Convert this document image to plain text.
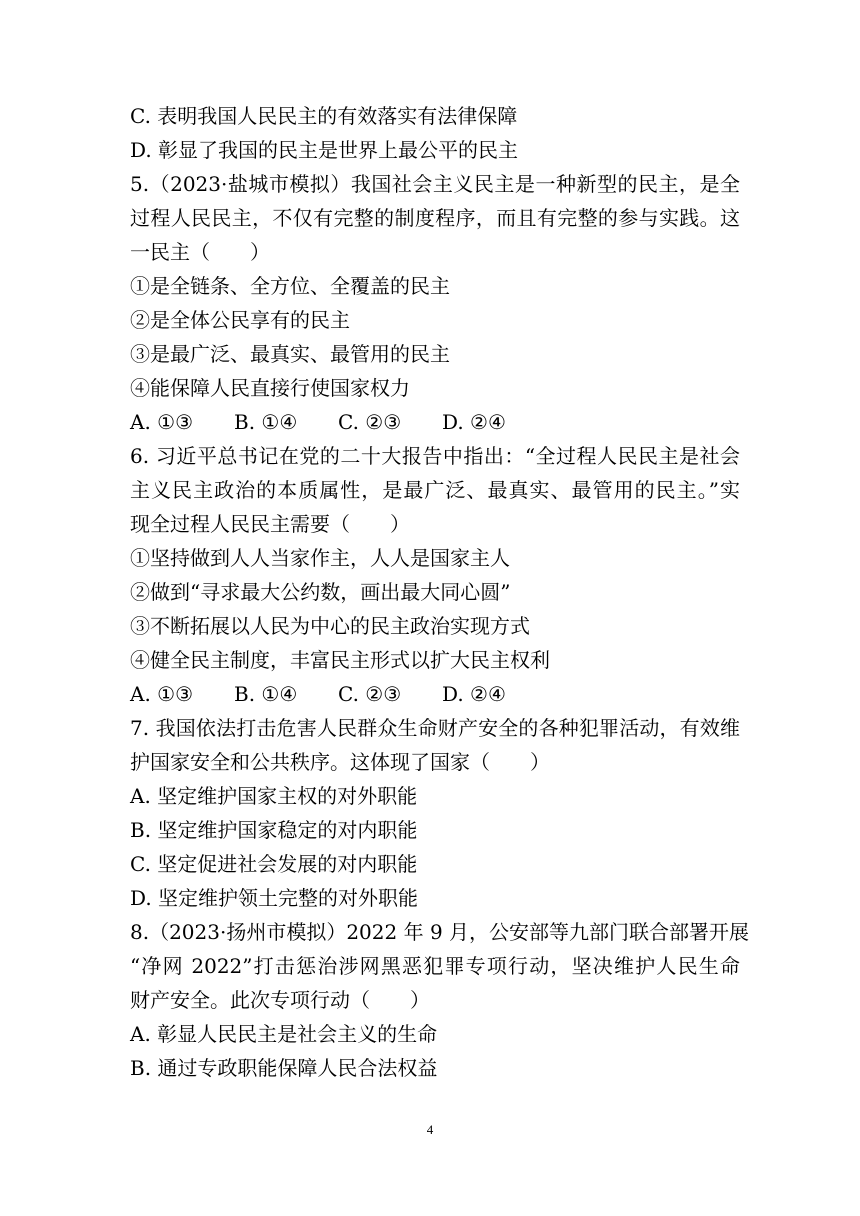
C. 表明我国人民民主的有效落实有法律保障
D. 彰显了我国的民主是世界上最公平的民主
5.（2023·盐城市模拟）我国社会主义民主是一种新型的民主，是全
过程人民民主，不仅有完整的制度程序，而且有完整的参与实践。这
一民主（　　）
①是全链条、全方位、全覆盖的民主
②是全体公民享有的民主
③是最广泛、最真实、最管用的民主
④能保障人民直接行使国家权力
A. ①③ B. ①④ C. ②③ D. ②④
6. 习近平总书记在党的二十大报告中指出：“全过程人民民主是社会
主义民主政治的本质属性，是最广泛、最真实、最管用的民主。”实
现全过程人民民主需要（　　）
①坚持做到人人当家作主，人人是国家主人
②做到“寻求最大公约数，画出最大同心圆”
③不断拓展以人民为中心的民主政治实现方式
④健全民主制度，丰富民主形式以扩大民主权利
A. ①③ B. ①④ C. ②③ D. ②④
7. 我国依法打击危害人民群众生命财产安全的各种犯罪活动，有效维
护国家安全和公共秩序。这体现了国家（　　）
A. 坚定维护国家主权的对外职能
B. 坚定维护国家稳定的对内职能
C. 坚定促进社会发展的对内职能
D. 坚定维护领土完整的对外职能
8.（2023·扬州市模拟）2022 年 9 月，公安部等九部门联合部署开展
“净网 2022”打击惩治涉网黑恶犯罪专项行动，坚决维护人民生命
财产安全。此次专项行动（　　）
A. 彰显人民民主是社会主义的生命
B. 通过专政职能保障人民合法权益
4
